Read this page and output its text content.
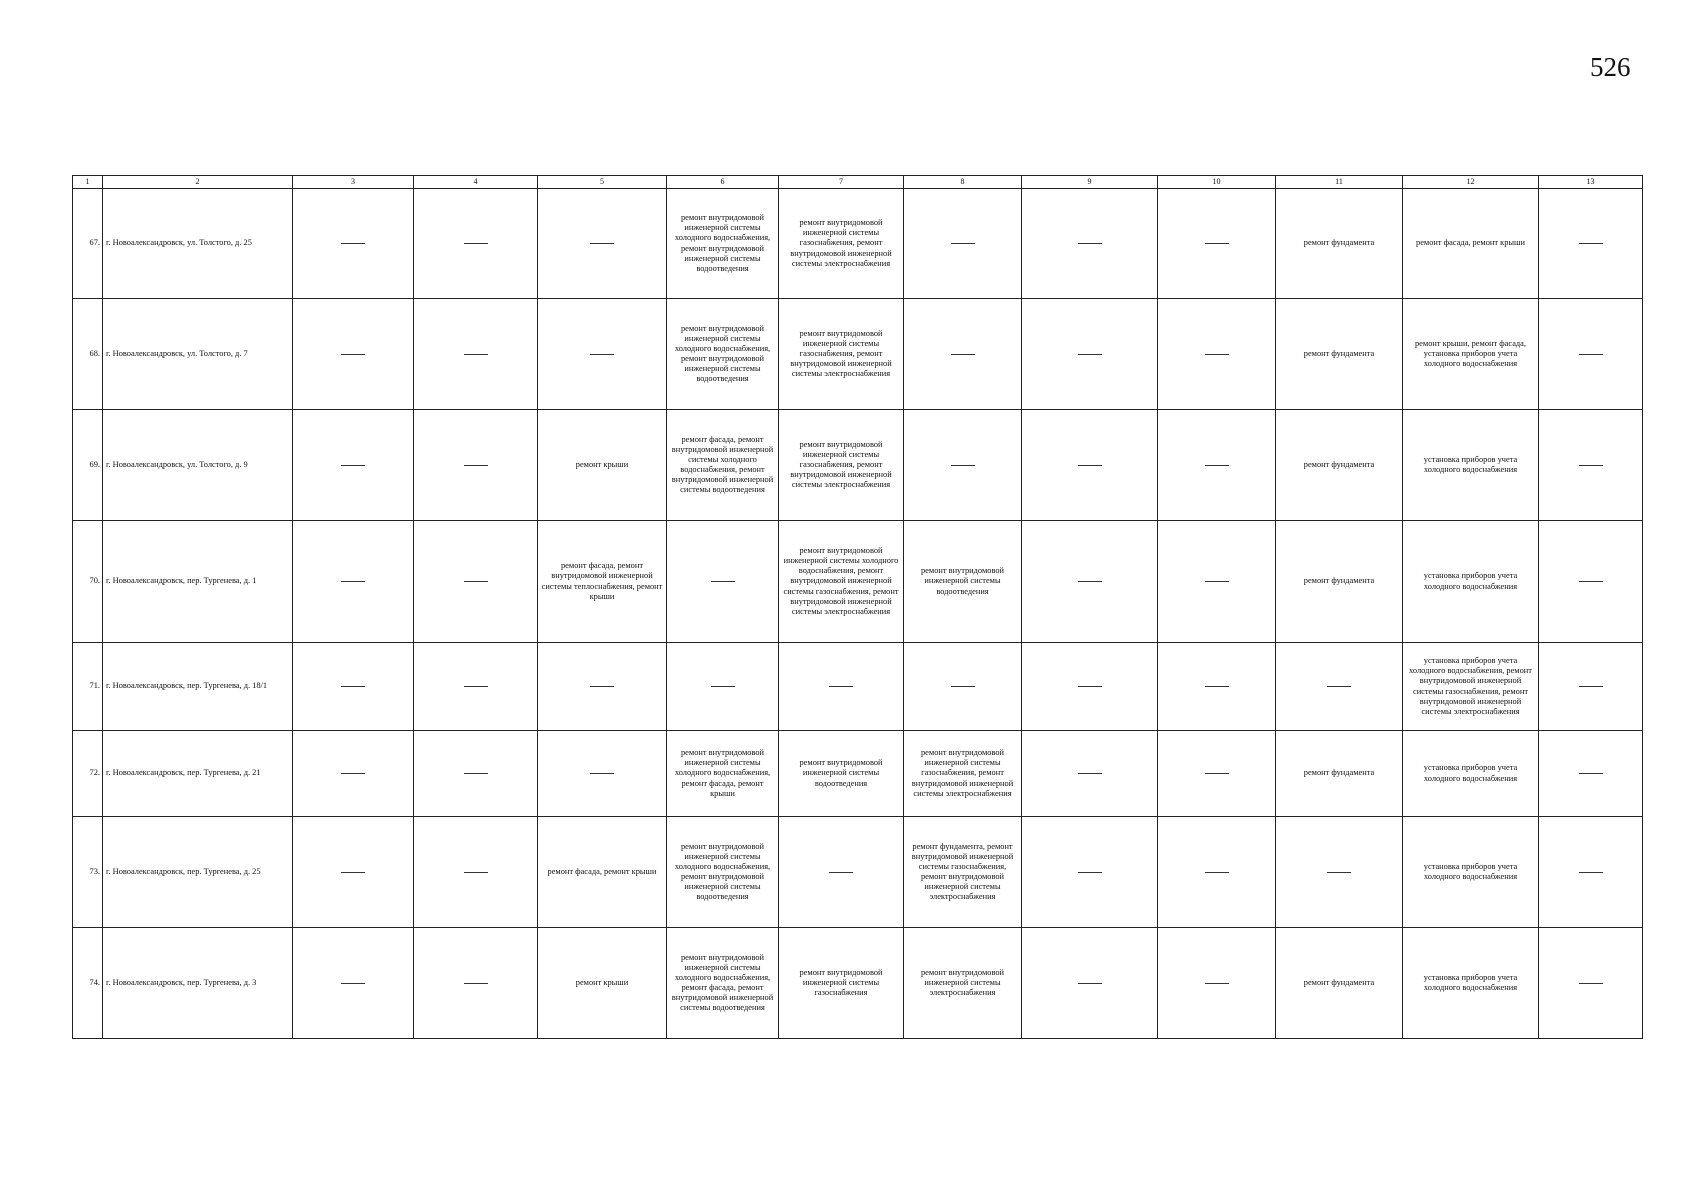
526
1	2	3	4	5	6	7	8	9	10	11	12	13
67.	г. Новоалександровск, ул. Толстого, д. 25				ремонт внутридомовой инженерной системы холодного водоснабжения, ремонт внутридомовой инженерной системы водоотведения	ремонт внутридомовой инженерной системы газоснабжения, ремонт внутридомовой инженерной системы электроснабжения				ремонт фундамента	ремонт фасада, ремонт крыши	
68.	г. Новоалександровск, ул. Толстого, д. 7				ремонт внутридомовой инженерной системы холодного водоснабжения, ремонт внутридомовой инженерной системы водоотведения	ремонт внутридомовой инженерной системы газоснабжения, ремонт внутридомовой инженерной системы электроснабжения				ремонт фундамента	ремонт крыши, ремонт фасада, установка приборов учета холодного водоснабжения	
69.	г. Новоалександровск, ул. Толстого, д. 9			ремонт крыши	ремонт фасада, ремонт внутридомовой инженерной системы холодного водоснабжения, ремонт внутридомовой инженерной системы водоотведения	ремонт внутридомовой инженерной системы газоснабжения, ремонт внутридомовой инженерной системы электроснабжения				ремонт фундамента	установка приборов учета холодного водоснабжения	
70.	г. Новоалександровск, пер. Тургенева, д. 1			ремонт фасада, ремонт внутридомовой инженерной системы теплоснабжения, ремонт крыши		ремонт внутридомовой инженерной системы холодного водоснабжения, ремонт внутридомовой инженерной системы газоснабжения, ремонт внутридомовой инженерной системы электроснабжения	ремонт внутридомовой инженерной системы водоотведения			ремонт фундамента	установка приборов учета холодного водоснабжения	
71.	г. Новоалександровск, пер. Тургенева, д. 18/1										установка приборов учета холодного водоснабжения, ремонт внутридомовой инженерной системы газоснабжения, ремонт внутридомовой инженерной системы электроснабжения	
72.	г. Новоалександровск, пер. Тургенева, д. 21				ремонт внутридомовой инженерной системы холодного водоснабжения, ремонт фасада, ремонт крыши	ремонт внутридомовой инженерной системы водоотведения	ремонт внутридомовой инженерной системы газоснабжения, ремонт внутридомовой инженерной системы электроснабжения			ремонт фундамента	установка приборов учета холодного водоснабжения	
73.	г. Новоалександровск, пер. Тургенева, д. 25			ремонт фасада, ремонт крыши	ремонт внутридомовой инженерной системы холодного водоснабжения, ремонт внутридомовой инженерной системы водоотведения		ремонт фундамента, ремонт внутридомовой инженерной системы газоснабжения, ремонт внутридомовой инженерной системы электроснабжения				установка приборов учета холодного водоснабжения	
74.	г. Новоалександровск, пер. Тургенева, д. 3			ремонт крыши	ремонт внутридомовой инженерной системы холодного водоснабжения, ремонт фасада, ремонт внутридомовой инженерной системы водоотведения	ремонт внутридомовой инженерной системы газоснабжения	ремонт внутридомовой инженерной системы электроснабжения			ремонт фундамента	установка приборов учета холодного водоснабжения	
